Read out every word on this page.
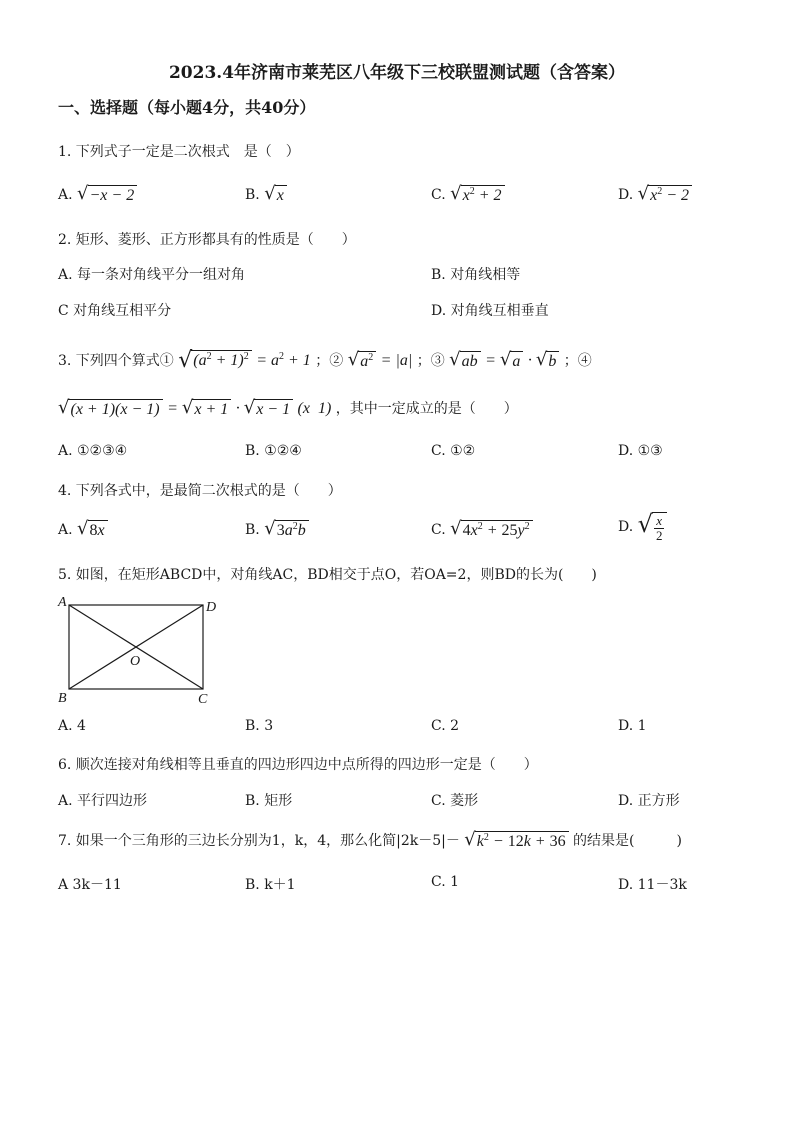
2023.4年济南市莱芜区八年级下三校联盟测试题（含答案）
一、选择题（每小题4分，共40分）
1. 下列式子一定是二次根式　是（　）
A. √ −x − 2	B. √ x	C. √ $x^2 + 2$	D. √ $x^2 - 2$
2. 矩形、菱形、正方形都具有的性质是（　　）
A. 每一条对角线平分一组对角	B. 对角线相等
C 对角线互相平分	D. 对角线互相垂直
3. 下列四个算式① √ $(a^2 + 1)^2 = a^2 + 1$ ；② √ $a^2 = |a|$ ；③ √ ab = √ a · √ b ；④
√ (x + 1)(x − 1) = √ x + 1 · √ x − 1 (x  1) ，其中一定成立的是（　　）
A. ①②③④	B. ①②④	C. ①②	D. ①③
4. 下列各式中，是最简二次根式的是（　　）
A. √ 8x	B. √ $3a^2b$	C. √ $4x^2 + 25y^2$	D. √ $\frac{x}{2}$
5. 如图，在矩形ABCD中，对角线AC，BD相交于点O，若OA=2，则BD的长为(　　)
A	D
B	C
O
A. 4	B. 3	C. 2	D. 1
6. 顺次连接对角线相等且垂直的四边形四边中点所得的四边形一定是（　　）
A. 平行四边形	B. 矩形	C. 菱形	D. 正方形
7. 如果一个三角形的三边长分别为1，k，4，那么化简|2k－5|－ √ $k^2 - 12k + 36$ 的结果是(　　　)
A 3k－11	B. k＋1	C. 1	D. 11－3k
